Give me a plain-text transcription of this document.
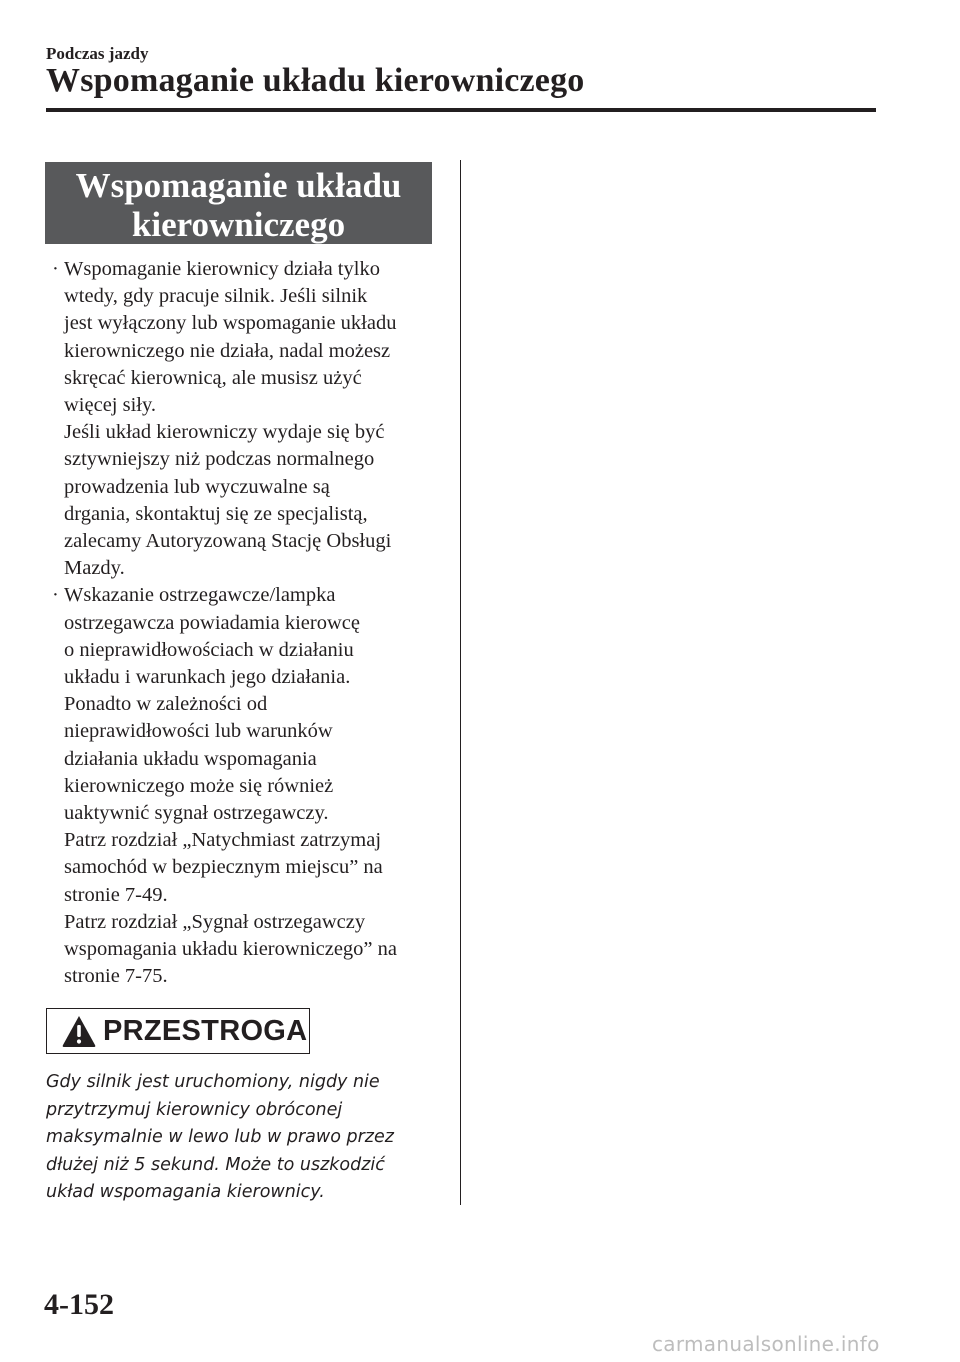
Podczas jazdy
Wspomaganie układu kierowniczego
Wspomaganie układu
kierowniczego
· Wspomaganie kierownicy działa tylko
wtedy, gdy pracuje silnik. Jeśli silnik
jest wyłączony lub wspomaganie układu
kierowniczego nie działa, nadal możesz
skręcać kierownicą, ale musisz użyć
więcej siły.
Jeśli układ kierowniczy wydaje się być
sztywniejszy niż podczas normalnego
prowadzenia lub wyczuwalne są
drgania, skontaktuj się ze specjalistą,
zalecamy Autoryzowaną Stację Obsługi
Mazdy.
· Wskazanie ostrzegawcze/lampka
ostrzegawcza powiadamia kierowcę
o nieprawidłowościach w działaniu
układu i warunkach jego działania.
Ponadto w zależności od
nieprawidłowości lub warunków
działania układu wspomagania
kierowniczego może się również
uaktywnić sygnał ostrzegawczy.
Patrz rozdział „Natychmiast zatrzymaj
samochód w bezpiecznym miejscu” na
stronie 7-49.
Patrz rozdział „Sygnał ostrzegawczy
wspomagania układu kierowniczego” na
stronie 7-75.
PRZESTROGA
Gdy silnik jest uruchomiony, nigdy nie
przytrzymuj kierownicy obróconej
maksymalnie w lewo lub w prawo przez
dłużej niż 5 sekund. Może to uszkodzić
układ wspomagania kierownicy.
4-152
carmanualsonline.info
